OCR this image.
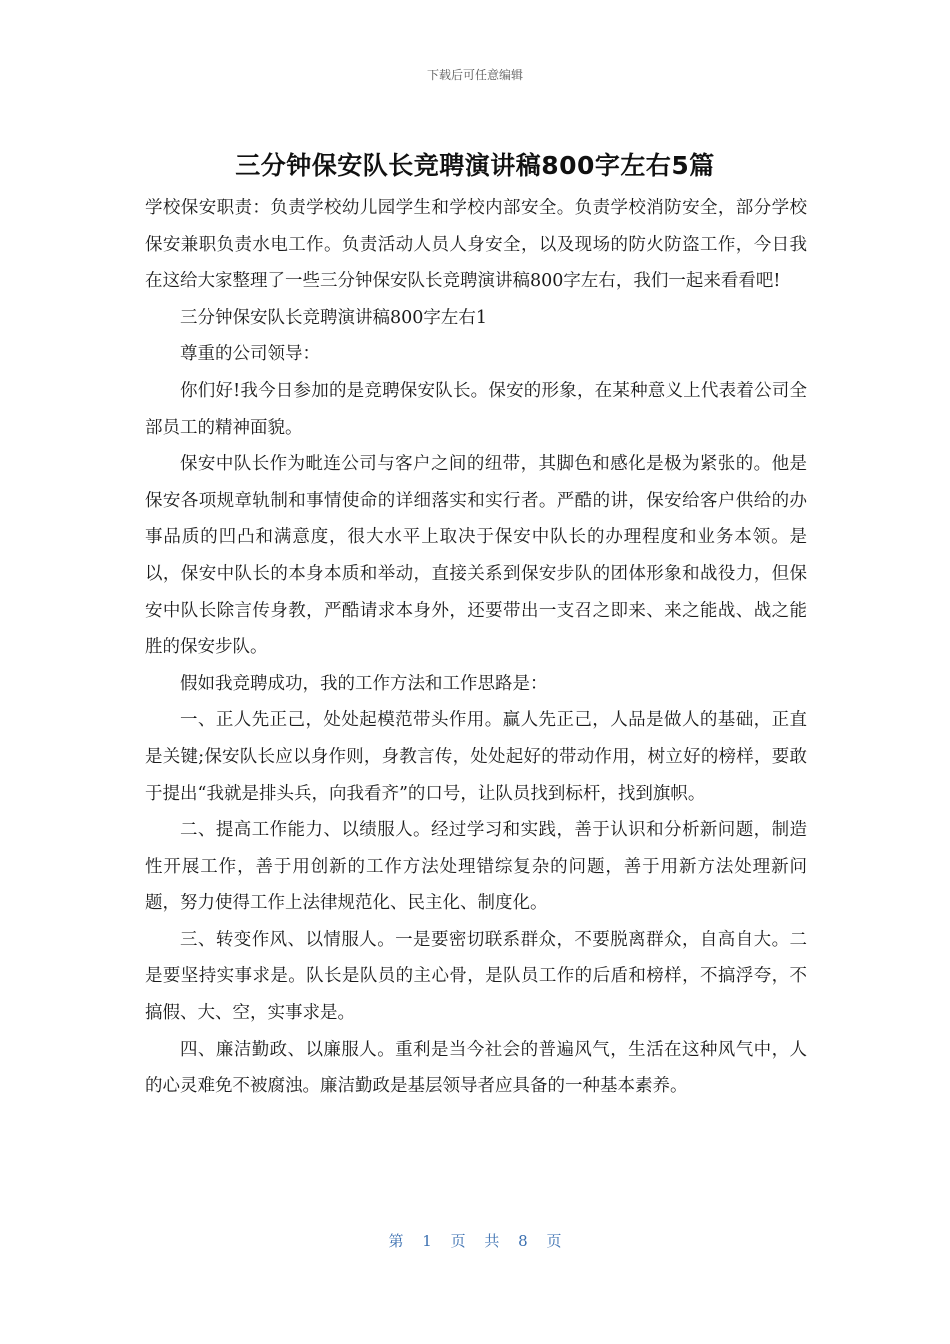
下载后可任意编辑
三分钟保安队长竞聘演讲稿800字左右5篇

学校保安职责：负责学校幼儿园学生和学校内部安全。负责学校消防安全，部分学校保安兼职负责水电工作。负责活动人员人身安全，以及现场的防火防盗工作，今日我在这给大家整理了一些三分钟保安队长竞聘演讲稿800字左右，我们一起来看看吧!

三分钟保安队长竞聘演讲稿800字左右1

尊重的公司领导：

你们好!我今日参加的是竞聘保安队长。保安的形象，在某种意义上代表着公司全部员工的精神面貌。

保安中队长作为毗连公司与客户之间的纽带，其脚色和感化是极为紧张的。他是保安各项规章轨制和事情使命的详细落实和实行者。严酷的讲，保安给客户供给的办事品质的凹凸和满意度，很大水平上取决于保安中队长的办理程度和业务本领。是以，保安中队长的本身本质和举动，直接关系到保安步队的团体形象和战役力，但保安中队长除言传身教，严酷请求本身外，还要带出一支召之即来、来之能战、战之能胜的保安步队。

假如我竞聘成功，我的工作方法和工作思路是：

一、正人先正己，处处起模范带头作用。赢人先正己，人品是做人的基础，正直是关键;保安队长应以身作则，身教言传，处处起好的带动作用，树立好的榜样，要敢于提出“我就是排头兵，向我看齐”的口号，让队员找到标杆，找到旗帜。

二、提高工作能力、以绩服人。经过学习和实践，善于认识和分析新问题，制造性开展工作，善于用创新的工作方法处理错综复杂的问题，善于用新方法处理新问题，努力使得工作上法律规范化、民主化、制度化。

三、转变作风、以情服人。一是要密切联系群众，不要脱离群众，自高自大。二是要坚持实事求是。队长是队员的主心骨，是队员工作的后盾和榜样，不搞浮夸，不搞假、大、空，实事求是。

四、廉洁勤政、以廉服人。重利是当今社会的普遍风气，生活在这种风气中，人的心灵难免不被腐浊。廉洁勤政是基层领导者应具备的一种基本素养。

第 1 页 共 8 页
